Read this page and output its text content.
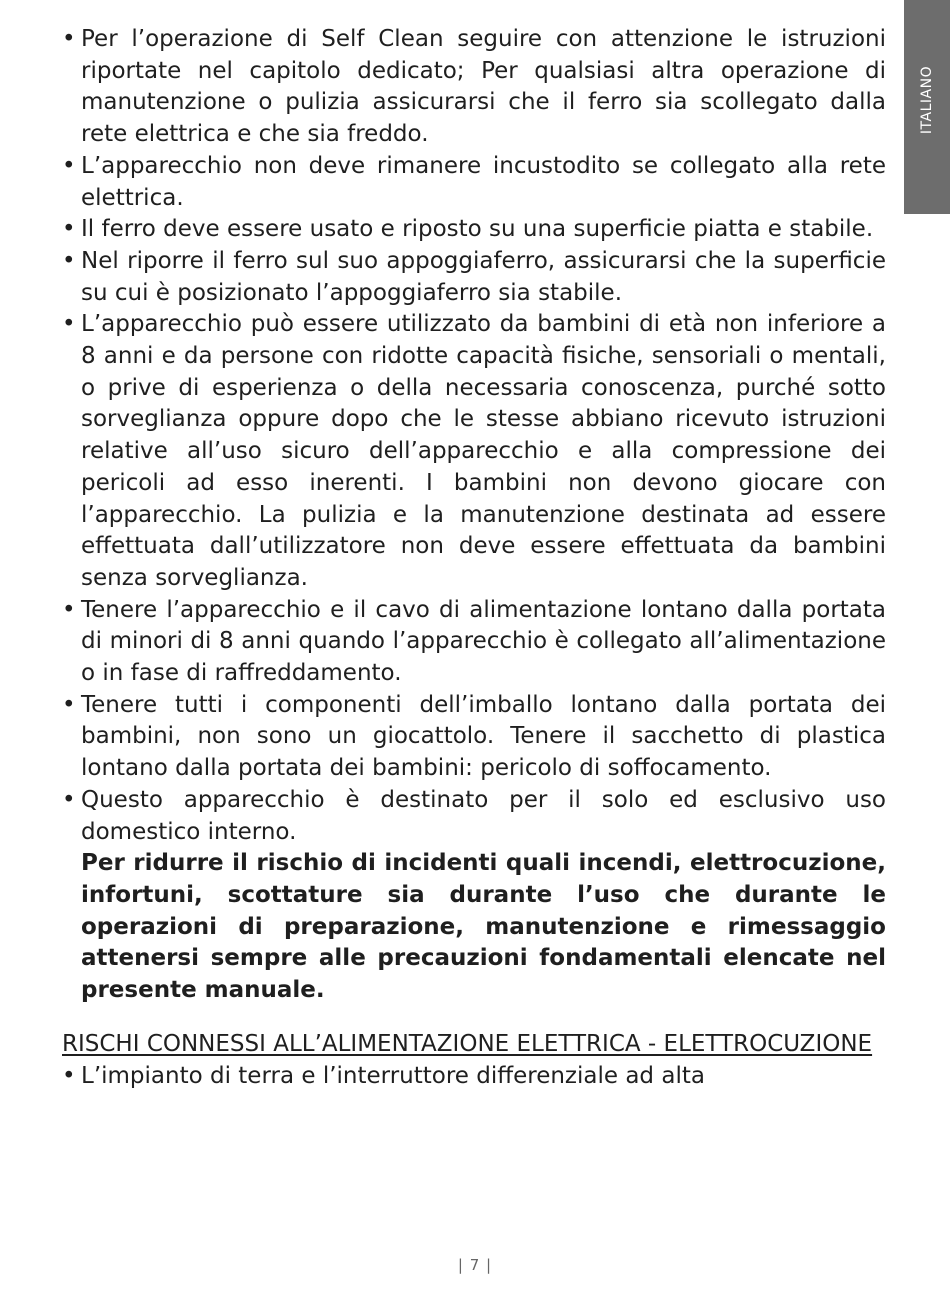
ITALIANO
• Per l’operazione di Self Clean seguire con attenzione le istruzioni riportate nel capitolo dedicato; Per qualsiasi altra operazione di manutenzione o pulizia assicurarsi che il ferro sia scollegato dalla rete elettrica e che sia freddo.
• L’apparecchio non deve rimanere incustodito se collegato alla rete elettrica.
• Il ferro deve essere usato e riposto su una superficie piatta e stabile.
• Nel riporre il ferro sul suo appoggiaferro, assicurarsi che la superficie su cui è posizionato l’appoggiaferro sia stabile.
• L’apparecchio può essere utilizzato da bambini di età non inferiore a 8 anni e da persone con ridotte capacità fisiche, sensoriali o mentali, o prive di esperienza o della necessaria conoscenza, purché sotto sorveglianza oppure dopo che le stesse abbiano ricevuto istruzioni relative all’uso sicuro dell’apparecchio e alla compressione dei pericoli ad esso inerenti. I bambini non devono giocare con l’apparecchio. La pulizia e la manutenzione destinata ad essere effettuata dall’utilizzatore non deve essere effettuata da bambini senza sorveglianza.
• Tenere l’apparecchio e il cavo di alimentazione lontano dalla portata di minori di 8 anni quando l’apparecchio è collegato all’alimentazione o in fase di raffreddamento.
• Tenere tutti i componenti dell’imballo lontano dalla portata dei bambini, non sono un giocattolo. Tenere il sacchetto di plastica lontano dalla portata dei bambini: pericolo di soffocamento.
• Questo apparecchio è destinato per il solo ed esclusivo uso domestico interno.
Per ridurre il rischio di incidenti quali incendi, elettrocuzione, infortuni, scottature sia durante l’uso che durante le operazioni di preparazione, manutenzione e rimessaggio attenersi sempre alle precauzioni fondamentali elencate nel presente manuale.
RISCHI CONNESSI ALL’ALIMENTAZIONE ELETTRICA - ELETTROCUZIONE
• L’impianto di terra e l’interruttore differenziale ad alta
| 7 |
